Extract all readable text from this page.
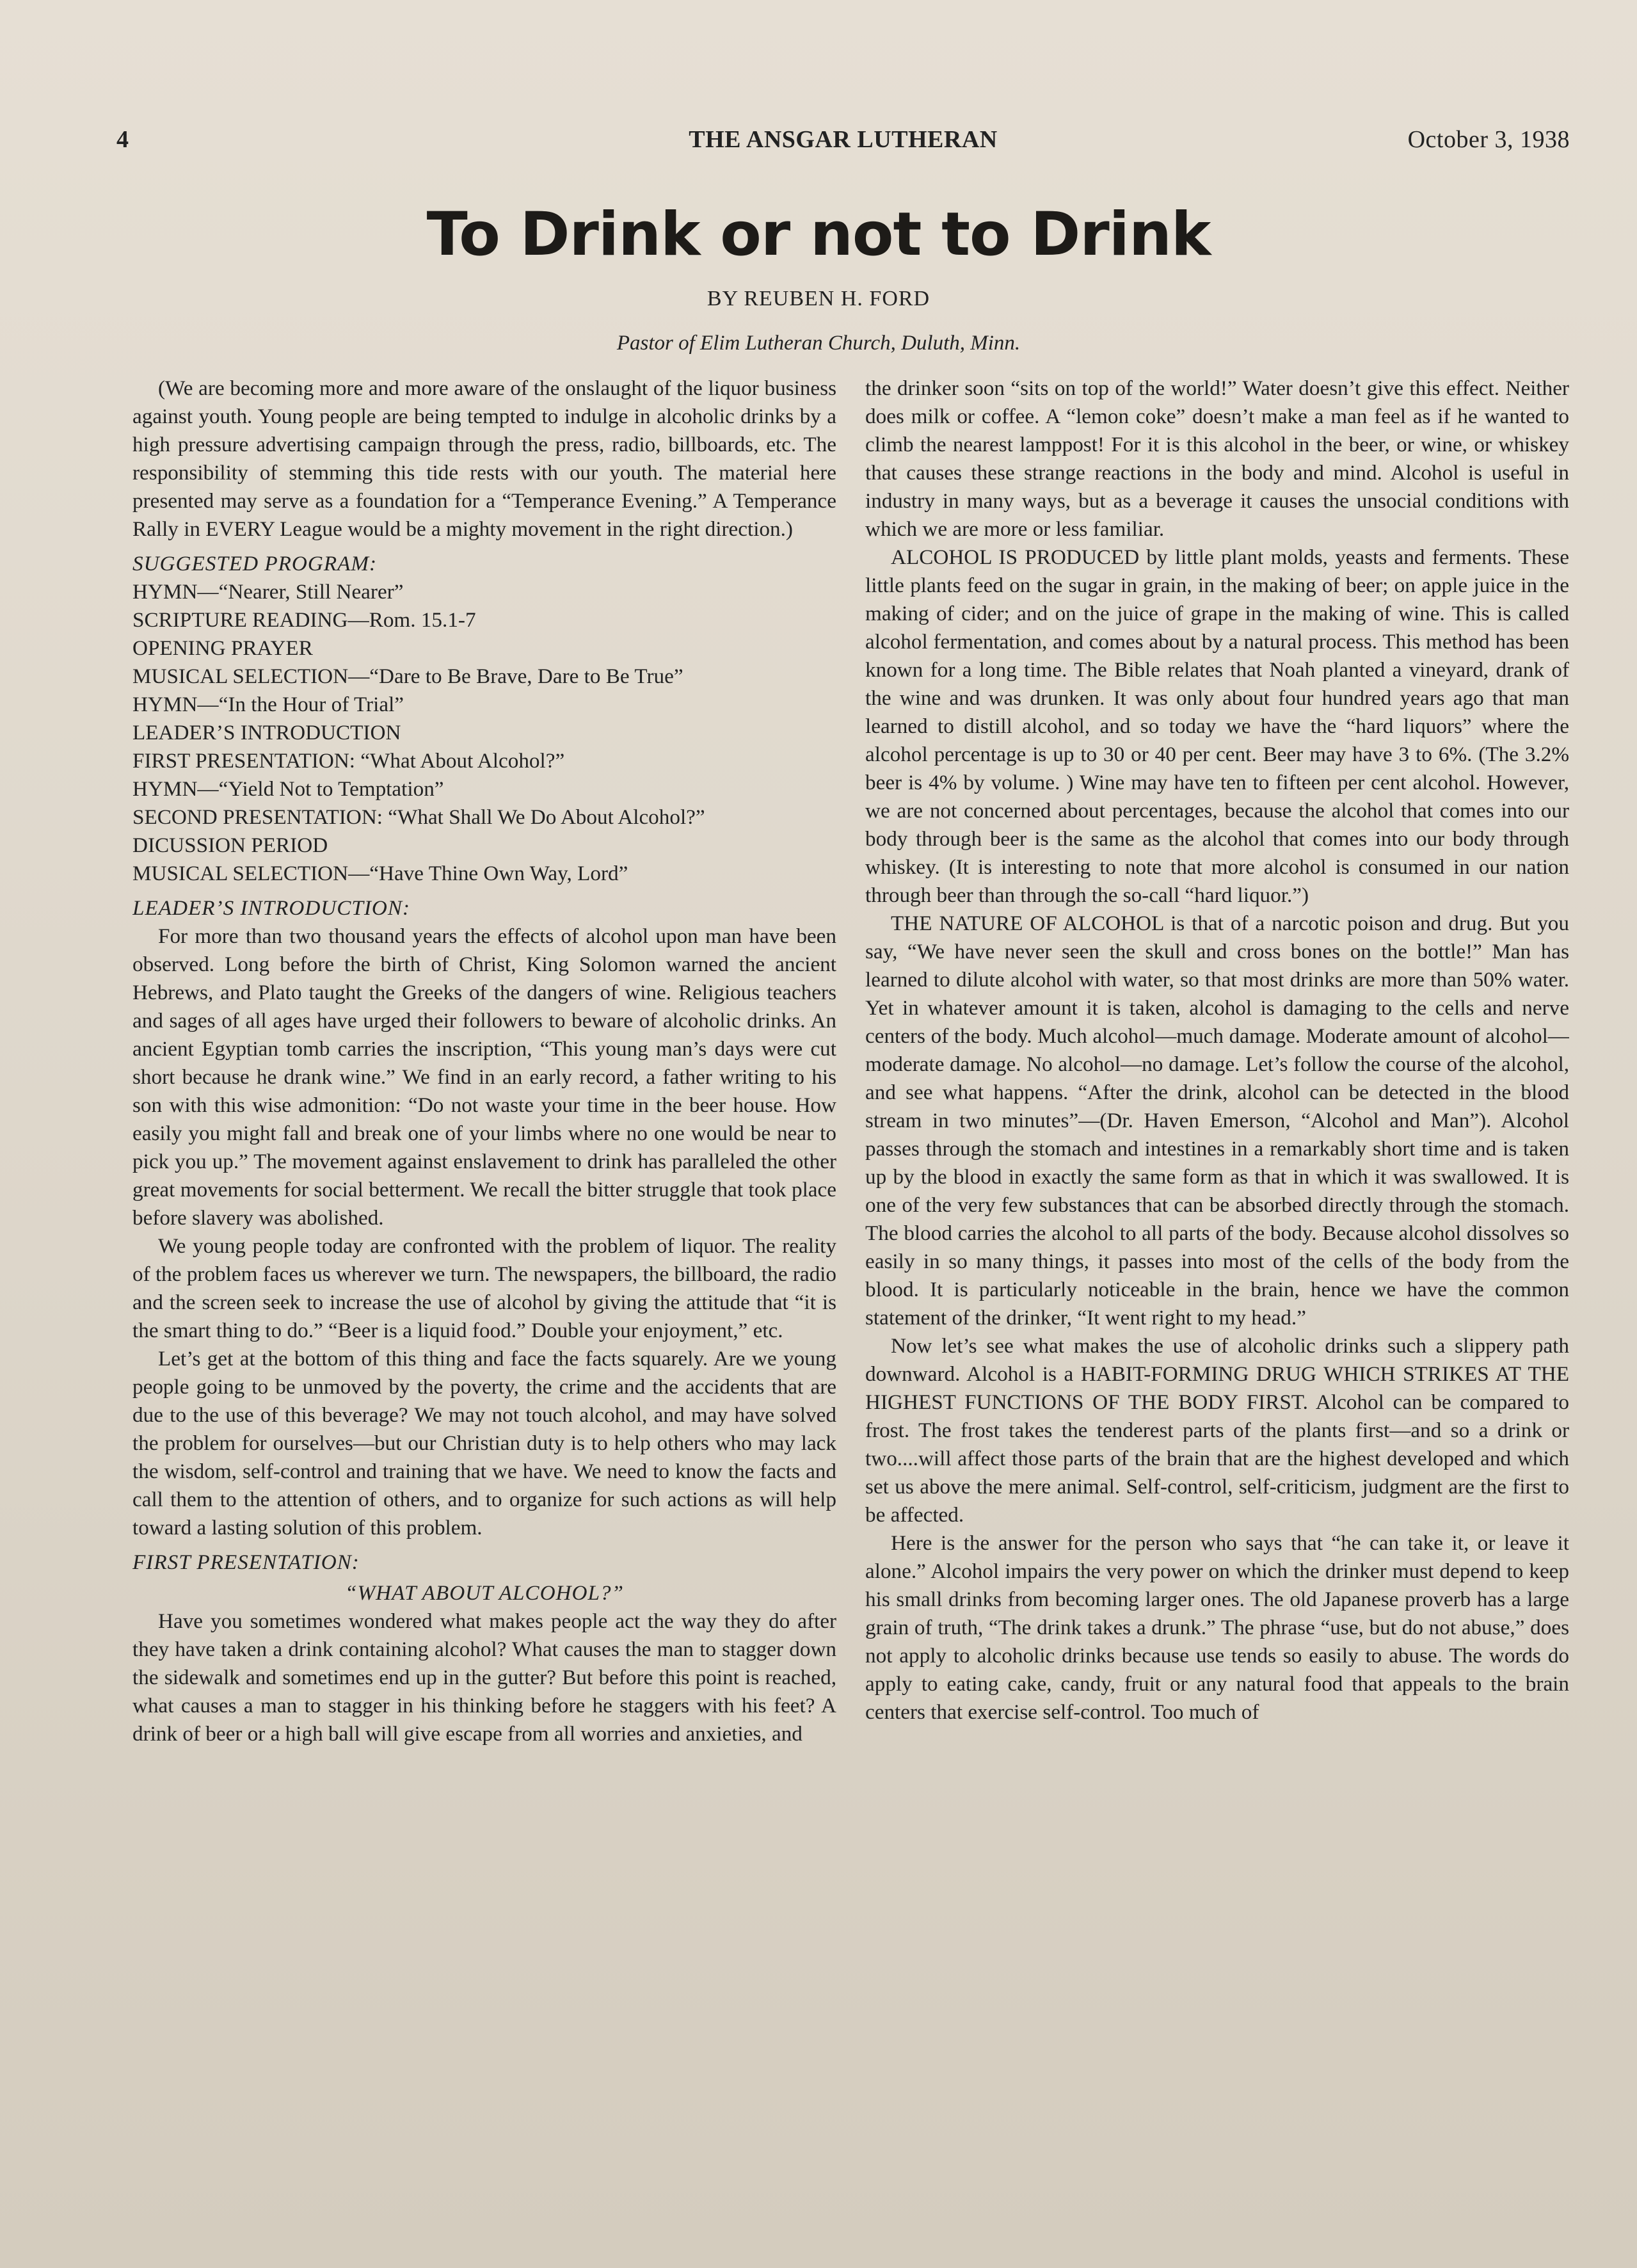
4	THE ANSGAR LUTHERAN	October 3, 1938
To Drink or not to Drink
BY REUBEN H. FORD
Pastor of Elim Lutheran Church, Duluth, Minn.

(We are becoming more and more aware of the onslaught of the liquor business against youth. Young people are being tempted to indulge in alcoholic drinks by a high pressure advertising campaign through the press, radio, billboards, etc. The responsibility of stemming this tide rests with our youth. The material here presented may serve as a foundation for a “Temperance Evening.” A Temperance Rally in EVERY League would be a mighty movement in the right direction.)

SUGGESTED PROGRAM:

HYMN—“Nearer, Still Nearer”
SCRIPTURE READING—Rom. 15.1-7
OPENING PRAYER
MUSICAL SELECTION—“Dare to Be Brave, Dare to Be True”
HYMN—“In the Hour of Trial”
LEADER’S INTRODUCTION
FIRST PRESENTATION: “What About Alcohol?”
HYMN—“Yield Not to Temptation”
SECOND PRESENTATION: “What Shall We Do About Alcohol?”
DICUSSION PERIOD
MUSICAL SELECTION—“Have Thine Own Way, Lord”

LEADER’S INTRODUCTION:

For more than two thousand years the effects of alcohol upon man have been observed. Long before the birth of Christ, King Solomon warned the ancient Hebrews, and Plato taught the Greeks of the dangers of wine. Religious teachers and sages of all ages have urged their followers to beware of alcoholic drinks. An ancient Egyptian tomb carries the inscription, “This young man’s days were cut short because he drank wine.” We find in an early record, a father writing to his son with this wise admonition: “Do not waste your time in the beer house. How easily you might fall and break one of your limbs where no one would be near to pick you up.” The movement against enslavement to drink has paralleled the other great movements for social betterment. We recall the bitter struggle that took place before slavery was abolished.

We young people today are confronted with the problem of liquor. The reality of the problem faces us wherever we turn. The newspapers, the billboard, the radio and the screen seek to increase the use of alcohol by giving the attitude that “it is the smart thing to do.” “Beer is a liquid food.” Double your enjoyment,” etc.

Let’s get at the bottom of this thing and face the facts squarely. Are we young people going to be unmoved by the poverty, the crime and the accidents that are due to the use of this beverage? We may not touch alcohol, and may have solved the problem for ourselves—but our Christian duty is to help others who may lack the wisdom, self-control and training that we have. We need to know the facts and call them to the attention of others, and to organize for such actions as will help toward a lasting solution of this problem.

FIRST PRESENTATION:

“WHAT ABOUT ALCOHOL?”

Have you sometimes wondered what makes people act the way they do after they have taken a drink containing alcohol? What causes the man to stagger down the sidewalk and sometimes end up in the gutter? But before this point is reached, what causes a man to stagger in his thinking before he staggers with his feet? A drink of beer or a high ball will give escape from all worries and anxieties, and

the drinker soon “sits on top of the world!” Water doesn’t give this effect. Neither does milk or coffee. A “lemon coke” doesn’t make a man feel as if he wanted to climb the nearest lamppost! For it is this alcohol in the beer, or wine, or whiskey that causes these strange reactions in the body and mind. Alcohol is useful in industry in many ways, but as a beverage it causes the unsocial conditions with which we are more or less familiar.

ALCOHOL IS PRODUCED by little plant molds, yeasts and ferments. These little plants feed on the sugar in grain, in the making of beer; on apple juice in the making of cider; and on the juice of grape in the making of wine. This is called alcohol fermentation, and comes about by a natural process. This method has been known for a long time. The Bible relates that Noah planted a vineyard, drank of the wine and was drunken. It was only about four hundred years ago that man learned to distill alcohol, and so today we have the “hard liquors” where the alcohol percentage is up to 30 or 40 per cent. Beer may have 3 to 6%. (The 3.2% beer is 4% by volume. ) Wine may have ten to fifteen per cent alcohol. However, we are not concerned about percentages, because the alcohol that comes into our body through beer is the same as the alcohol that comes into our body through whiskey. (It is interesting to note that more alcohol is consumed in our nation through beer than through the so-call “hard liquor.”)

THE NATURE OF ALCOHOL is that of a narcotic poison and drug. But you say, “We have never seen the skull and cross bones on the bottle!” Man has learned to dilute alcohol with water, so that most drinks are more than 50% water. Yet in whatever amount it is taken, alcohol is damaging to the cells and nerve centers of the body. Much alcohol—much damage. Moderate amount of alcohol—moderate damage. No alcohol—no damage. Let’s follow the course of the alcohol, and see what happens. “After the drink, alcohol can be detected in the blood stream in two minutes”—(Dr. Haven Emerson, “Alcohol and Man”). Alcohol passes through the stomach and intestines in a remarkably short time and is taken up by the blood in exactly the same form as that in which it was swallowed. It is one of the very few substances that can be absorbed directly through the stomach. The blood carries the alcohol to all parts of the body. Because alcohol dissolves so easily in so many things, it passes into most of the cells of the body from the blood. It is particularly noticeable in the brain, hence we have the common statement of the drinker, “It went right to my head.”

Now let’s see what makes the use of alcoholic drinks such a slippery path downward. Alcohol is a HABIT-FORMING DRUG WHICH STRIKES AT THE HIGHEST FUNCTIONS OF THE BODY FIRST. Alcohol can be compared to frost. The frost takes the tenderest parts of the plants first—and so a drink or two....will affect those parts of the brain that are the highest developed and which set us above the mere animal. Self-control, self-criticism, judgment are the first to be affected.

Here is the answer for the person who says that “he can take it, or leave it alone.” Alcohol impairs the very power on which the drinker must depend to keep his small drinks from becoming larger ones. The old Japanese proverb has a large grain of truth, “The drink takes a drunk.” The phrase “use, but do not abuse,” does not apply to alcoholic drinks because use tends so easily to abuse. The words do apply to eating cake, candy, fruit or any natural food that appeals to the brain centers that exercise self-control. Too much of
